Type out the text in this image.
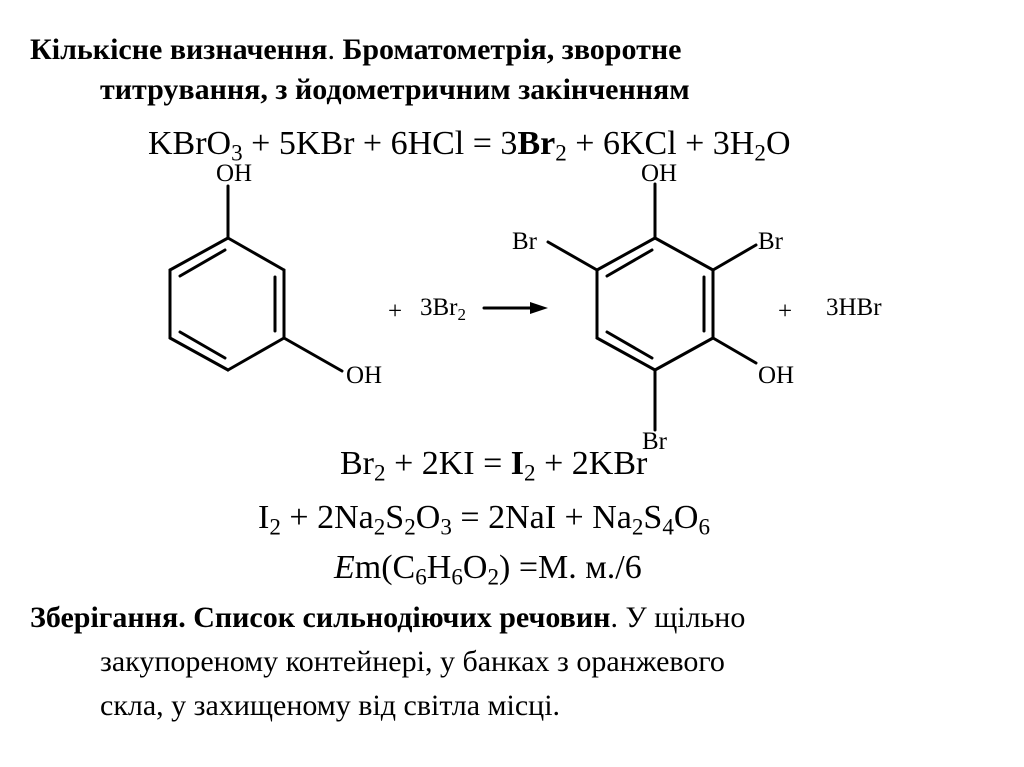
Кількісне визначення. Броматометрія, зворотне
титрування, з йодометричним закінченням
KBrO$_3$ + $5KBr + 6HCl = 3Br_2 + 6KCl + 3H_2O$
OH
OH
+ $3Br_2$
OH
Br	Br
OH
Br
+ 3HBr
$Br_2 + 2KI = I_2 + 2KBr$
$I_2 + 2Na_2S_2O_3 = 2NaI + Na_2S_4O_6$
$Em(C_6H_6O_2) =М$. м./6
Зберігання. Список сильнодіючих речовин. У щільно
закупореному контейнері, у банках з оранжевого
скла, у захищеному від світла місці.
